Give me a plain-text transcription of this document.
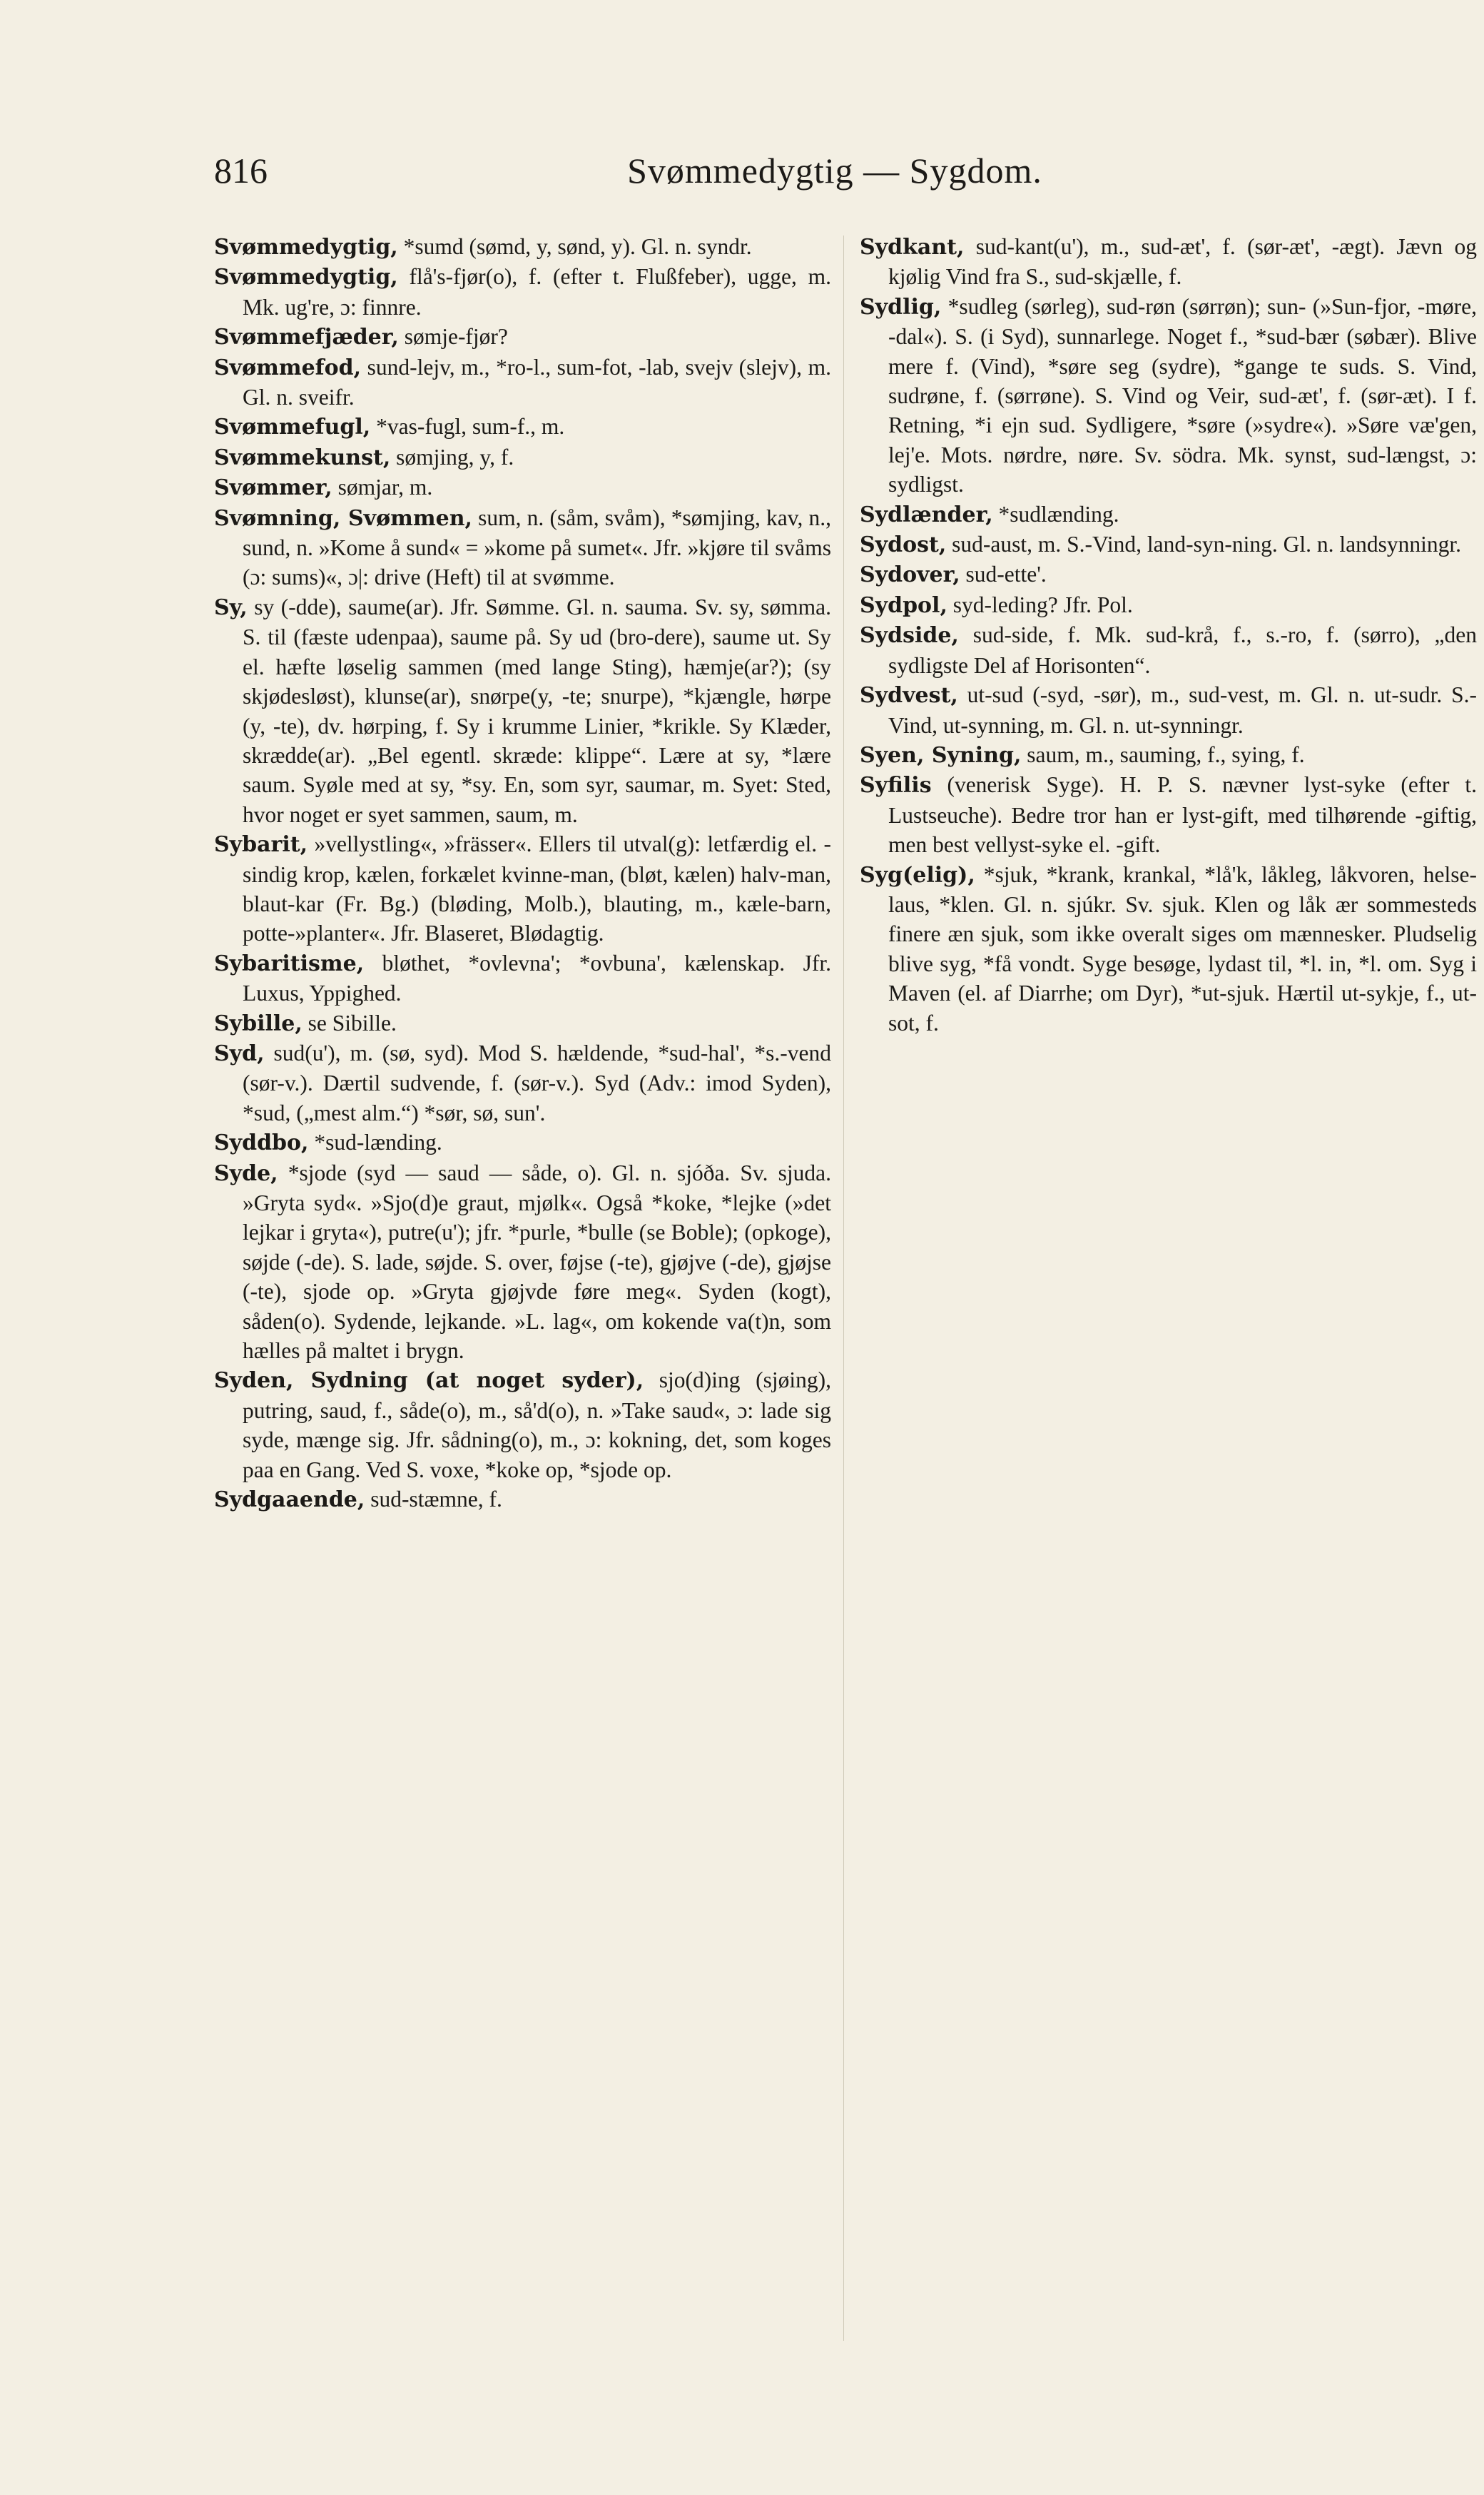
816	Svømmedygtig — Sygdom.

Svømmedygtig, *sumd (sømd, y, sønd, y). Gl. n. syndr.

Svømmedygtig, flå's-fjør(o), f. (efter t. Flußfeber), ugge, m. Mk. ug're, ɔ: finnre.

Svømmefjæder, sømje-fjør?

Svømmefod, sund-lejv, m., *ro-l., sum-fot, -lab, svejv (slejv), m. Gl. n. sveifr.

Svømmefugl, *vas-fugl, sum-f., m.

Svømmekunst, sømjing, y, f.

Svømmer, sømjar, m.

Svømning, Svømmen, sum, n. (såm, svåm), *sømjing, kav, n., sund, n. »Kome å sund« = »kome på sumet«. Jfr. »kjøre til svåms (ɔ: sums)«, ɔ|: drive (Heft) til at svømme.

Sy, sy (-dde), saume(ar). Jfr. Sømme. Gl. n. sauma. Sv. sy, sømma. S. til (fæste udenpaa), saume på. Sy ud (bro-dere), saume ut. Sy el. hæfte løselig sammen (med lange Sting), hæmje(ar?); (sy skjødesløst), klunse(ar), snørpe(y, -te; snurpe), *kjængle, hørpe (y, -te), dv. hørping, f. Sy i krumme Linier, *krikle. Sy Klæder, skrædde(ar). „Bel egentl. skræde: klippe“. Lære at sy, *lære saum. Syøle med at sy, *sy. En, som syr, saumar, m. Syet: Sted, hvor noget er syet sammen, saum, m.

Sybarit, »vellystling«, »frässer«. Ellers til utval(g): letfærdig el. -sindig krop, kælen, forkælet kvinne-man, (bløt, kælen) halv-man, blaut-kar (Fr. Bg.) (bløding, Molb.), blauting, m., kæle-barn, potte-»planter«. Jfr. Blaseret, Blødagtig.

Sybaritisme, bløthet, *ovlevna'; *ovbuna', kælenskap. Jfr. Luxus, Yppighed.

Sybille, se Sibille.

Syd, sud(u'), m. (sø, syd). Mod S. hældende, *sud-hal', *s.-vend (sør-v.). Dærtil sudvende, f. (sør-v.). Syd (Adv.: imod Syden), *sud, („mest alm.“) *sør, sø, sun'.

Syddbo, *sud-lænding.

Syde, *sjode (syd — saud — såde, o). Gl. n. sjóða. Sv. sjuda. »Gryta syd«. »Sjo(d)e graut, mjølk«. Også *koke, *lejke (»det lejkar i gryta«), putre(u'); jfr. *purle, *bulle (se Boble); (opkoge), søjde (-de). S. lade, søjde. S. over, føjse (-te), gjøjve (-de), gjøjse (-te), sjode op. »Gryta gjøjvde føre meg«. Syden (kogt), såden(o). Sydende, lejkande. »L. lag«, om kokende va(t)n, som hælles på maltet i brygn.

Syden, Sydning (at noget syder), sjo(d)ing (sjøing), putring, saud, f., såde(o), m., så'd(o), n. »Take saud«, ɔ: lade sig syde, mænge sig. Jfr. sådning(o), m., ɔ: kokning, det, som koges paa en Gang. Ved S. voxe, *koke op, *sjode op.

Sydgaaende, sud-stæmne, f.

Sydkant, sud-kant(u'), m., sud-æt', f. (sør-æt', -ægt). Jævn og kjølig Vind fra S., sud-skjælle, f.

Sydlig, *sudleg (sørleg), sud-røn (sørrøn); sun- (»Sun-fjor, -møre, -dal«). S. (i Syd), sunnarlege. Noget f., *sud-bær (søbær). Blive mere f. (Vind), *søre seg (sydre), *gange te suds. S. Vind, sudrøne, f. (sørrøne). S. Vind og Veir, sud-æt', f. (sør-æt). I f. Retning, *i ejn sud. Sydligere, *søre (»sydre«). »Søre væ'gen, lej'e. Mots. nørdre, nøre. Sv. södra. Mk. synst, sud-længst, ɔ: sydligst.

Sydlænder, *sudlænding.

Sydost, sud-aust, m. S.-Vind, land-syn-ning. Gl. n. landsynningr.

Sydover, sud-ette'.

Sydpol, syd-leding? Jfr. Pol.

Sydside, sud-side, f. Mk. sud-krå, f., s.-ro, f. (sørro), „den sydligste Del af Horisonten“.

Sydvest, ut-sud (-syd, -sør), m., sud-vest, m. Gl. n. ut-sudr. S.-Vind, ut-synning, m. Gl. n. ut-synningr.

Syen, Syning, saum, m., sauming, f., sying, f.

Syfilis (venerisk Syge). H. P. S. nævner lyst-syke (efter t. Lustseuche). Bedre tror han er lyst-gift, med tilhørende -giftig, men best vellyst-syke el. -gift.

Syg(elig), *sjuk, *krank, krankal, *lå'k, låkleg, låkvoren, helse-laus, *klen. Gl. n. sjúkr. Sv. sjuk. Klen og låk ær sommesteds finere æn sjuk, som ikke overalt siges om mænnesker. Pludselig blive syg, *få vondt. Syge besøge, lydast til, *l. in, *l. om. Syg i Maven (el. af Diarrhe; om Dyr), *ut-sjuk. Hærtil ut-sykje, f., ut-sot, f.
